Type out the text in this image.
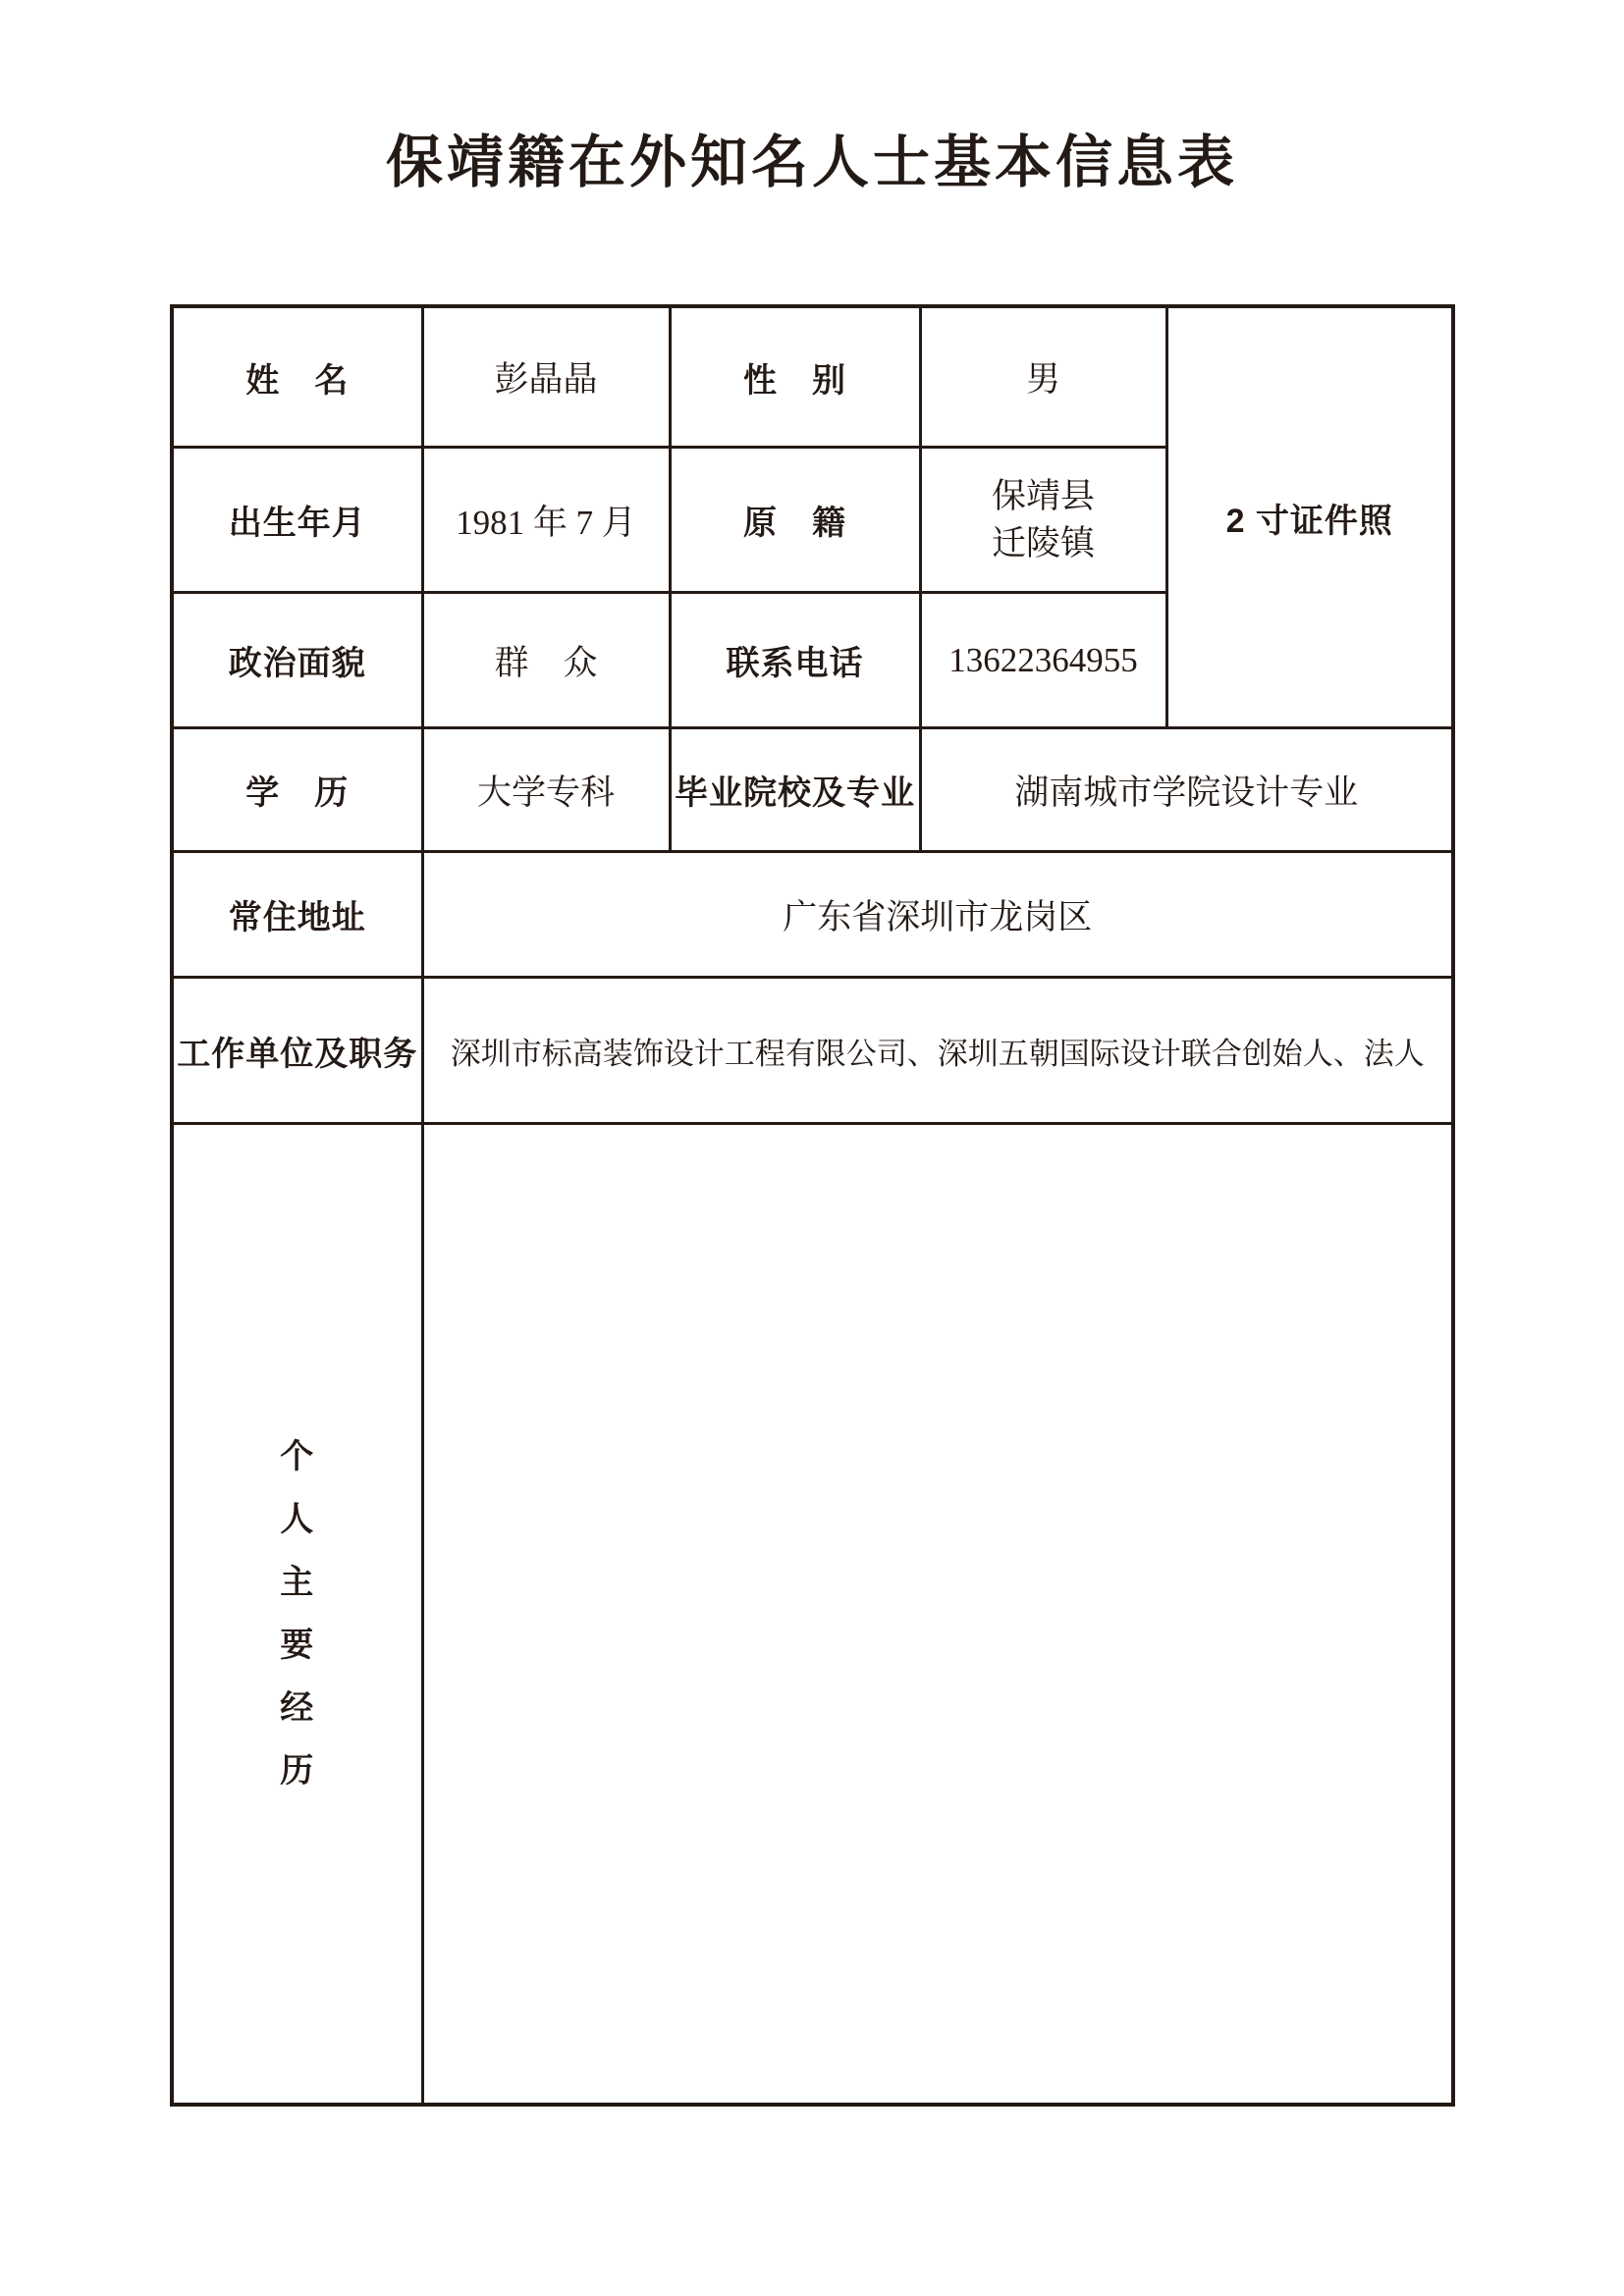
保靖籍在外知名人士基本信息表
姓　名	彭晶晶	性　别	男	2 寸证件照
出生年月	1981 年 7 月	原　籍	保靖县
迁陵镇	

政治面貌	群　众	联系电话	13622364955	
学　历	大学专科	毕业院校及专业	湖南城市学院设计专业	
常住地址	广东省深圳市龙岗区			
工作单位及职务	深圳市标高装饰设计工程有限公司、深圳五朝国际设计联合创始人、法人			

个
人
主
要
经
历
